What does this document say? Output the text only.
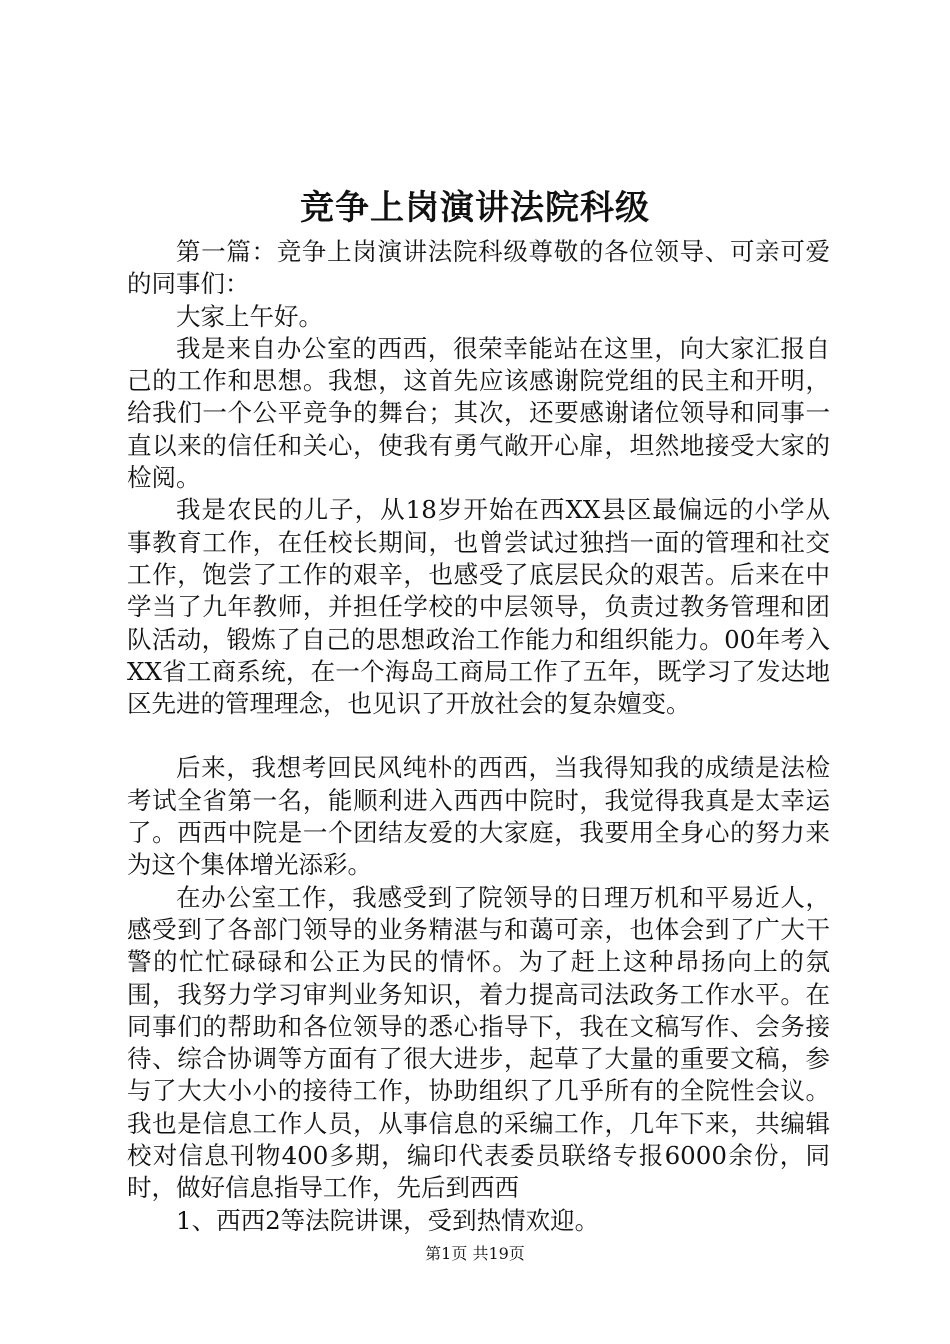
竞争上岗演讲法院科级

第一篇：竞争上岗演讲法院科级尊敬的各位领导、可亲可爱的同事们：

大家上午好。

我是来自办公室的西西，很荣幸能站在这里，向大家汇报自己的工作和思想。我想，这首先应该感谢院党组的民主和开明，给我们一个公平竞争的舞台；其次，还要感谢诸位领导和同事一直以来的信任和关心，使我有勇气敞开心扉，坦然地接受大家的检阅。

我是农民的儿子，从18岁开始在西XX县区最偏远的小学从事教育工作，在任校长期间，也曾尝试过独挡一面的管理和社交工作，饱尝了工作的艰辛，也感受了底层民众的艰苦。后来在中学当了九年教师，并担任学校的中层领导，负责过教务管理和团队活动，锻炼了自己的思想政治工作能力和组织能力。00年考入XX省工商系统，在一个海岛工商局工作了五年，既学习了发达地区先进的管理理念，也见识了开放社会的复杂嬗变。

后来，我想考回民风纯朴的西西，当我得知我的成绩是法检考试全省第一名，能顺利进入西西中院时，我觉得我真是太幸运了。西西中院是一个团结友爱的大家庭，我要用全身心的努力来为这个集体增光添彩。

在办公室工作，我感受到了院领导的日理万机和平易近人，感受到了各部门领导的业务精湛与和蔼可亲，也体会到了广大干警的忙忙碌碌和公正为民的情怀。为了赶上这种昂扬向上的氛围，我努力学习审判业务知识，着力提高司法政务工作水平。在同事们的帮助和各位领导的悉心指导下，我在文稿写作、会务接待、综合协调等方面有了很大进步，起草了大量的重要文稿，参与了大大小小的接待工作，协助组织了几乎所有的全院性会议。我也是信息工作人员，从事信息的采编工作，几年下来，共编辑校对信息刊物400多期，编印代表委员联络专报6000余份，同时，做好信息指导工作，先后到西西

1、西西2等法院讲课，受到热情欢迎。

第1页 共19页
